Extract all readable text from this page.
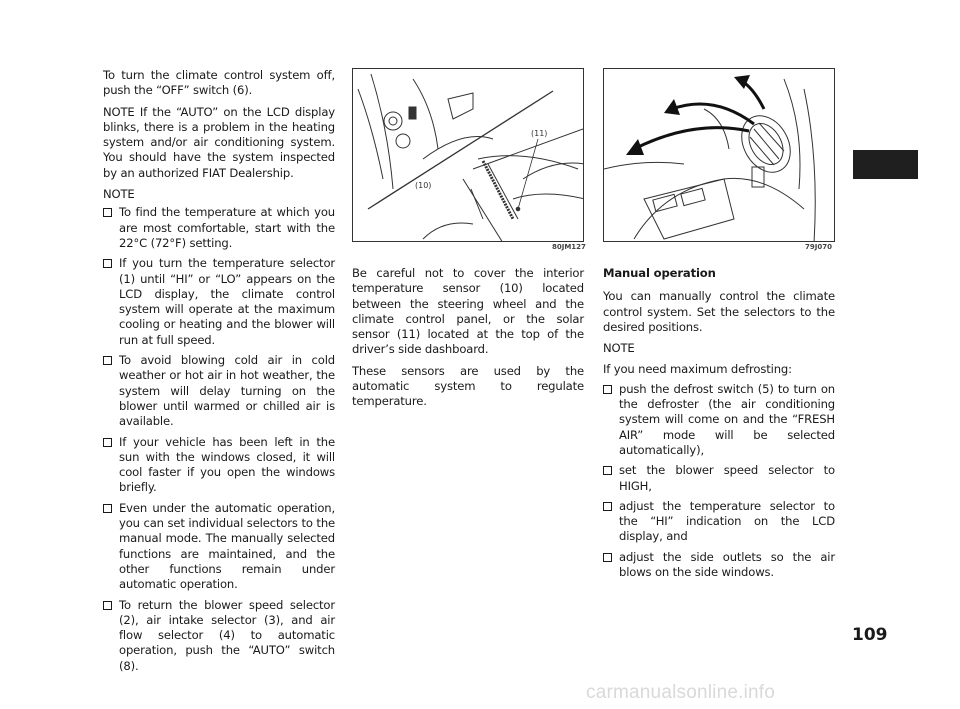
To turn the climate control system off, push the “OFF” switch (6).

NOTE If the “AUTO” on the LCD display blinks, there is a problem in the heating system and/or air conditioning system. You should have the system inspected by an authorized FIAT Dealership.

NOTE

To find the temperature at which you are most comfortable, start with the 22°C (72°F) setting.
If you turn the temperature selector (1) until “HI” or “LO” appears on the LCD display, the climate control system will operate at the maximum cooling or heating and the blower will run at full speed.
To avoid blowing cold air in cold weather or hot air in hot weather, the system will delay turning on the blower until warmed or chilled air is available.
If your vehicle has been left in the sun with the windows closed, it will cool faster if you open the windows briefly.
Even under the automatic operation, you can set individual selectors to the manual mode. The manually selected functions are maintained, and the other functions remain under automatic operation.
To return the blower speed selector (2), air intake selector (3), and air flow selector (4) to automatic operation, push the “AUTO” switch (8).
(10)
(11)
80JM127	79J070

Be careful not to cover the interior temperature sensor (10) located between the steering wheel and the climate control panel, or the solar sensor (11) located at the top of the driver’s side dashboard.

These sensors are used by the automatic system to regulate temperature.

Manual operation

You can manually control the climate control system. Set the selectors to the desired positions.

NOTE

If you need maximum defrosting:

push the defrost switch (5) to turn on the defroster (the air conditioning system will come on and the “FRESH AIR” mode will be selected automatically),
set the blower speed selector to HIGH,
adjust the temperature selector to the “HI” indication on the LCD display, and
adjust the side outlets so the air blows on the side windows.
109
carmanualsonline.info
